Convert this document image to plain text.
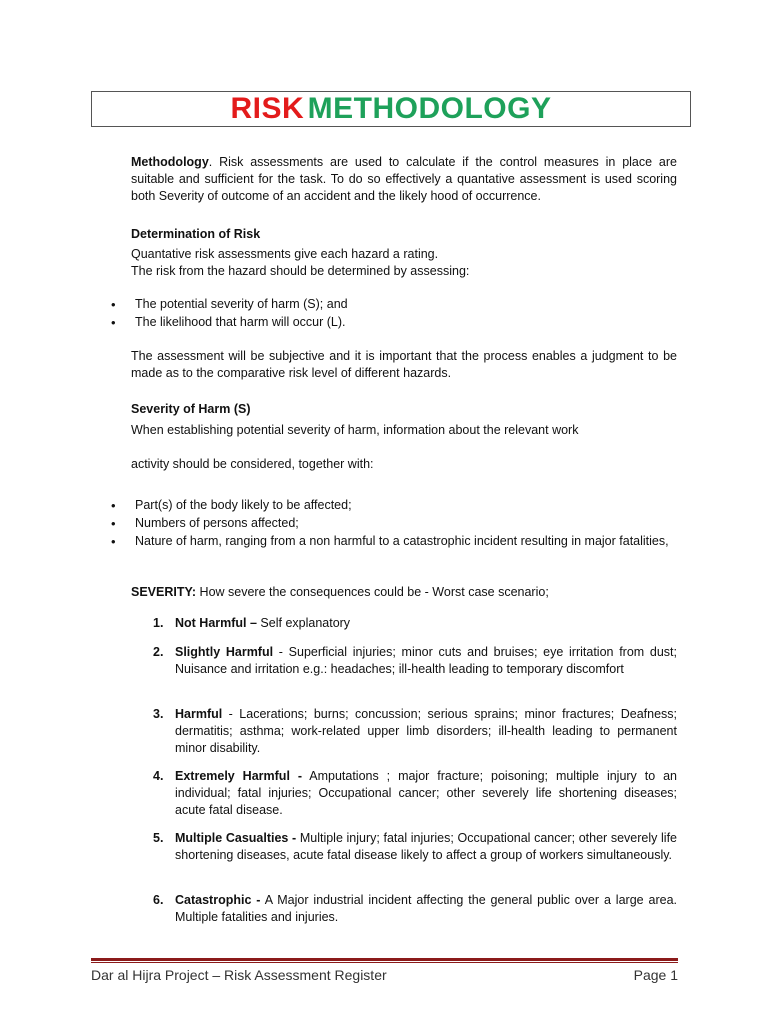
RISK METHODOLOGY
Methodology. Risk assessments are used to calculate if the control measures in place are suitable and sufficient for the task. To do so effectively a quantative assessment is used scoring both Severity of outcome of an accident and the likely hood of occurrence.
Determination of Risk
Quantative risk assessments give each hazard a rating.
The risk from the hazard should be determined by assessing:
• The potential severity of harm (S); and
• The likelihood that harm will occur (L).
The assessment will be subjective and it is important that the process enables a judgment to be made as to the comparative risk level of different hazards.
Severity of Harm (S)
When establishing potential severity of harm, information about the relevant work
activity should be considered, together with:
• Part(s) of the body likely to be affected;
• Numbers of persons affected;
• Nature of harm, ranging from a non harmful to a catastrophic incident resulting in major fatalities,
SEVERITY: How severe the consequences could be - Worst case scenario;
1. Not Harmful – Self explanatory
2. Slightly Harmful - Superficial injuries; minor cuts and bruises; eye irritation from dust; Nuisance and irritation e.g.: headaches; ill-health leading to temporary discomfort
3. Harmful - Lacerations; burns; concussion; serious sprains; minor fractures; Deafness; dermatitis; asthma; work-related upper limb disorders; ill-health leading to permanent minor disability.
4. Extremely Harmful - Amputations ; major fracture; poisoning; multiple injury to an individual; fatal injuries; Occupational cancer; other severely life shortening diseases; acute fatal disease.
5. Multiple Casualties - Multiple injury; fatal injuries; Occupational cancer; other severely life shortening diseases, acute fatal disease likely to affect a group of workers simultaneously.
6. Catastrophic - A Major industrial incident affecting the general public over a large area. Multiple fatalities and injuries.
Dar al Hijra Project – Risk Assessment Register	Page 1
